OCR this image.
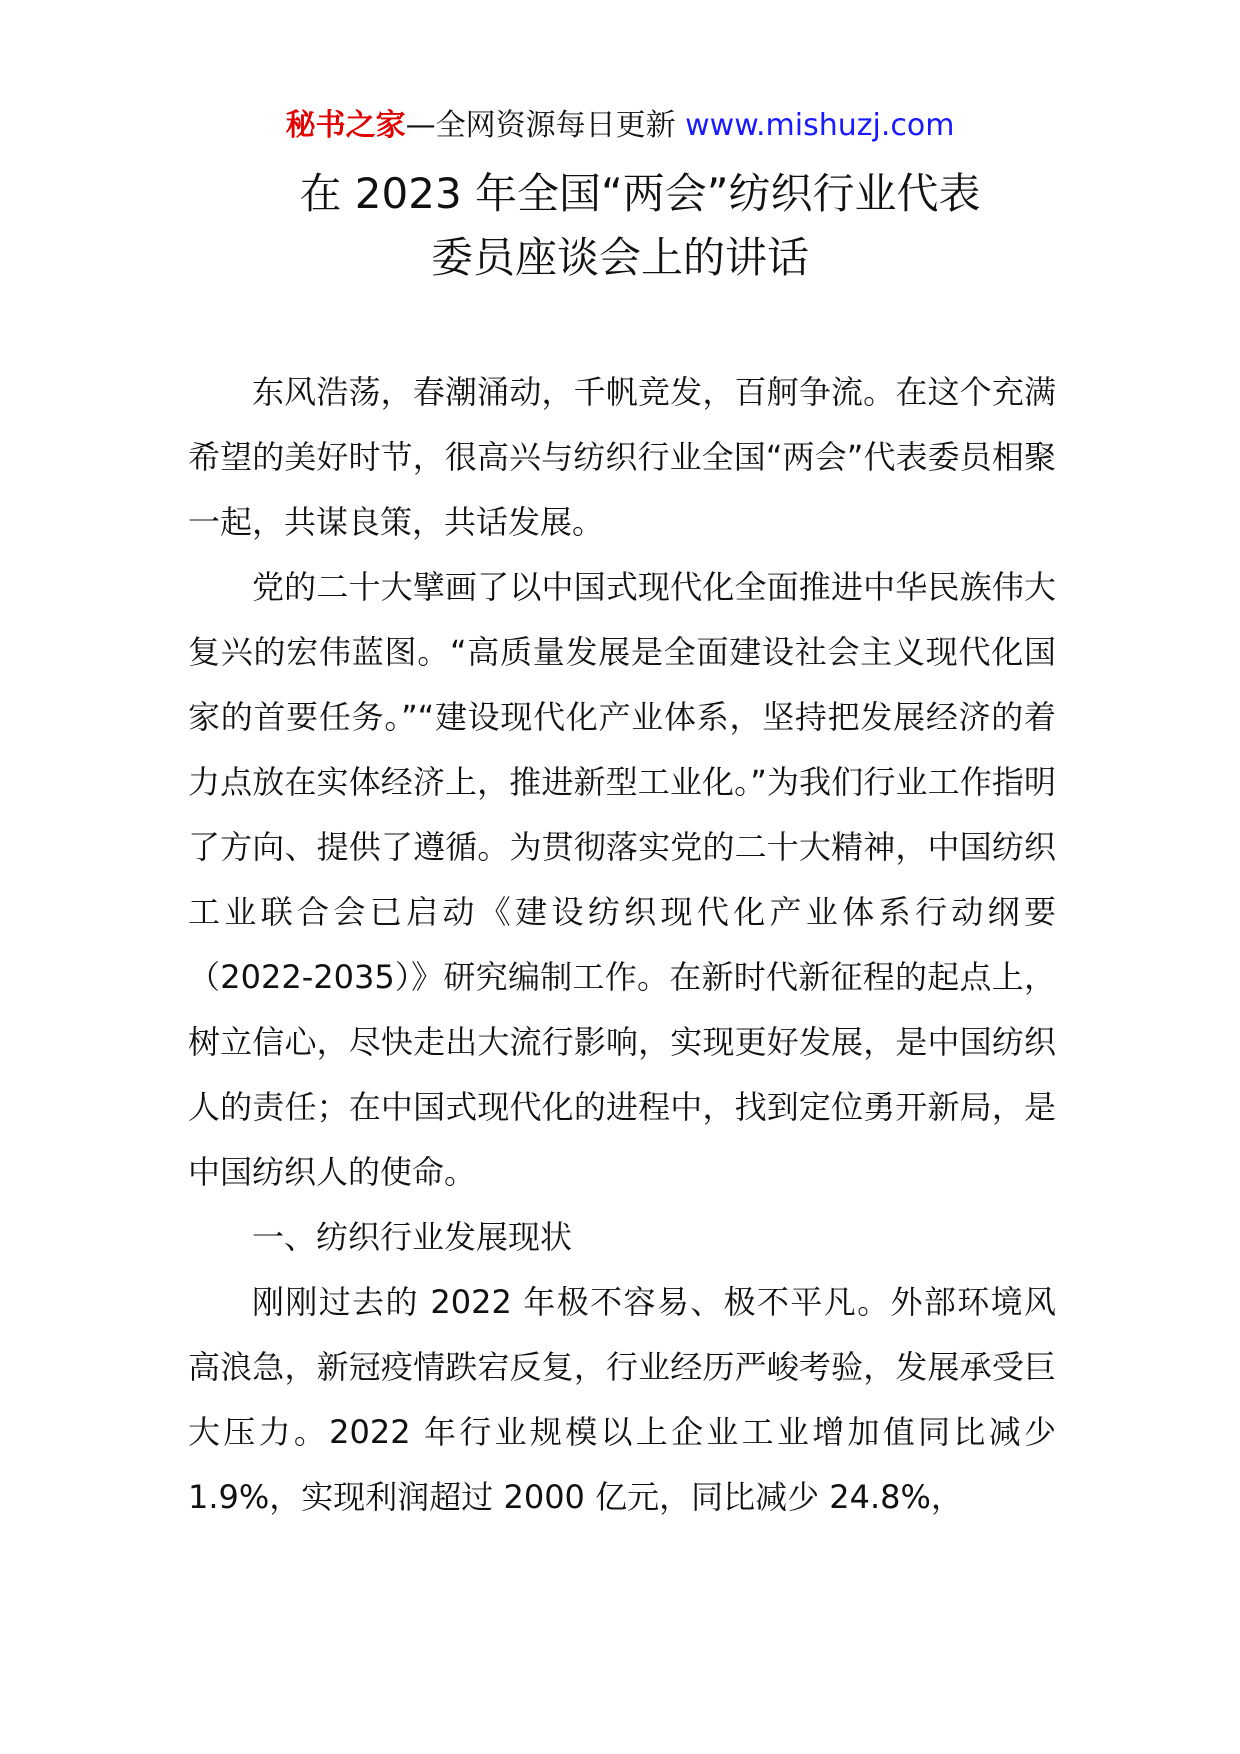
秘书之家—全网资源每日更新 www.mishuzj.com
在 2023 年全国“两会”纺织行业代表
委员座谈会上的讲话

东风浩荡，春潮涌动，千帆竞发，百舸争流。在这个充满希望的美好时节，很高兴与纺织行业全国“两会”代表委员相聚一起，共谋良策，共话发展。

党的二十大擘画了以中国式现代化全面推进中华民族伟大复兴的宏伟蓝图。“高质量发展是全面建设社会主义现代化国家的首要任务。”“建设现代化产业体系，坚持把发展经济的着力点放在实体经济上，推进新型工业化。”为我们行业工作指明了方向、提供了遵循。为贯彻落实党的二十大精神，中国纺织工业联合会已启动《建设纺织现代化产业体系行动纲要（2022-2035）》研究编制工作。在新时代新征程的起点上，树立信心，尽快走出大流行影响，实现更好发展，是中国纺织人的责任；在中国式现代化的进程中，找到定位勇开新局，是中国纺织人的使命。

一、纺织行业发展现状

刚刚过去的 2022 年极不容易、极不平凡。外部环境风高浪急，新冠疫情跌宕反复，行业经历严峻考验，发展承受巨大压力。2022 年行业规模以上企业工业增加值同比减少 1.9%，实现利润超过 2000 亿元，同比减少 24.8%，
